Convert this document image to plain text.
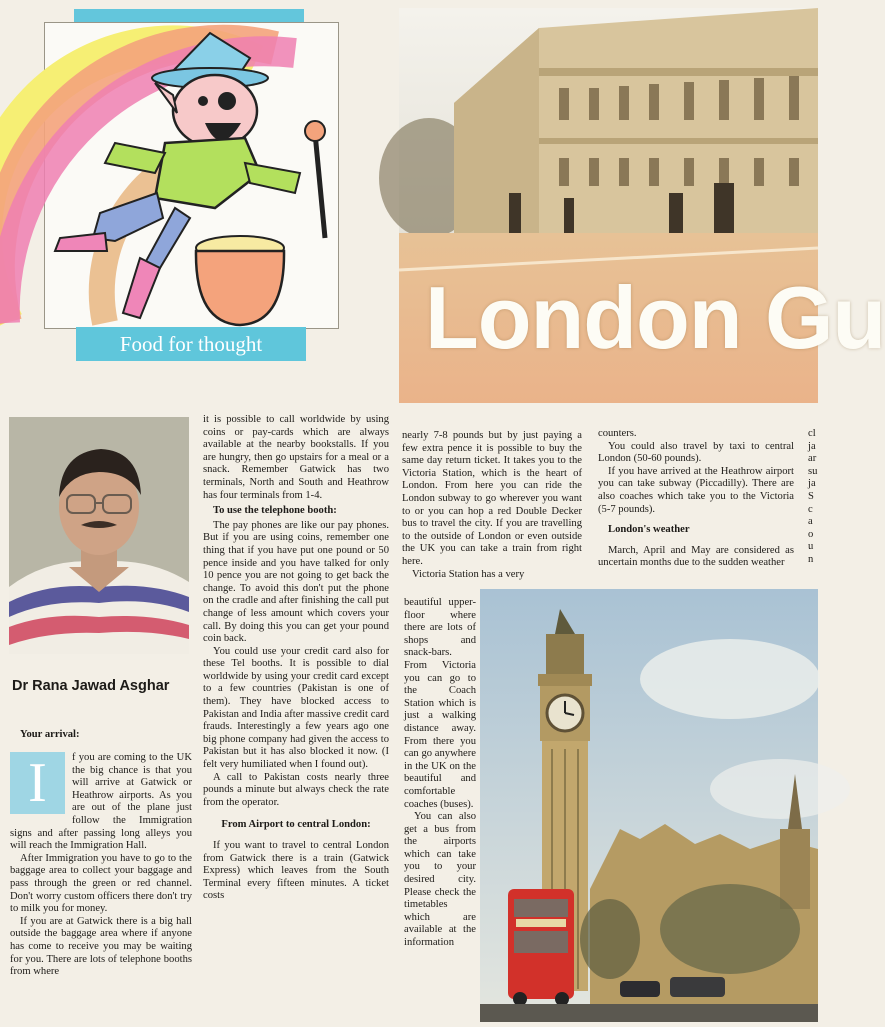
Food for thought	London Gu
Dr Rana Jawad Asghar
Your arrival:
I	f you are coming to the UK the big chance is that you will arrive at Gatwick or Heathrow airports. As you are out of the plane just follow the Immigration signs and after passing long alleys you will reach the Immigration Hall.

After Immigration you have to go to the baggage area to collect your baggage and pass through the green or red channel. Don't worry custom officers there don't try to milk you for money.

If you are at Gatwick there is a big hall outside the baggage area where if anyone has come to receive you may be waiting for you. There are lots of telephone booths from where

it is possible to call worldwide by using coins or pay-cards which are always available at the nearby bookstalls. If you are hungry, then go upstairs for a meal or a snack. Remember Gatwick has two terminals, North and South and Heathrow has four terminals from 1-4.

To use the telephone booth:

The pay phones are like our pay phones. But if you are using coins, remember one thing that if you have put one pound or 50 pence inside and you have talked for only 10 pence you are not going to get back the change. To avoid this don't put the phone on the cradle and after finishing the call put change of less amount which covers your call. By doing this you can get your pound coin back.

You could use your credit card also for these Tel booths. It is possible to dial worldwide by using your credit card except to a few countries (Pakistan is one of them). They have blocked access to Pakistan and India after massive credit card frauds. Interestingly a few years ago one big phone company had given the access to Pakistan but it has also blocked it now. (I felt very humiliated when I found out).

A call to Pakistan costs nearly three pounds a minute but always check the rate from the operator.

From Airport to central London:

If you want to travel to central London from Gatwick there is a train (Gatwick Express) which leaves from the South Terminal every fifteen minutes. A ticket costs

nearly 7-8 pounds but by just paying a few extra pence it is possible to buy the same day return ticket. It takes you to the Victoria Station, which is the heart of London. From here you can ride the London subway to go wherever you want to or you can hop a red Double Decker bus to travel the city. If you are travelling to the outside of London or even outside the UK you can take a train from right here.

Victoria Station has a very

beautiful upper-floor where there are lots of shops and snack-bars. From Victoria you can go to the Coach Station which is just a walking distance away. From there you can go anywhere in the UK on the beautiful and comfortable coaches (buses).

You can also get a bus from the airports which can take you to your desired city. Please check the timetables which are available at the information

counters.

You could also travel by taxi to central London (50-60 pounds).

If you have arrived at the Heathrow airport you can take subway (Piccadilly). There are also coaches which take you to the Victoria (5-7 pounds).

London's weather

March, April and May are considered as uncertain months due to the sudden weather

cl
ja
ar
su
ja
S
c
a
o
u
n
